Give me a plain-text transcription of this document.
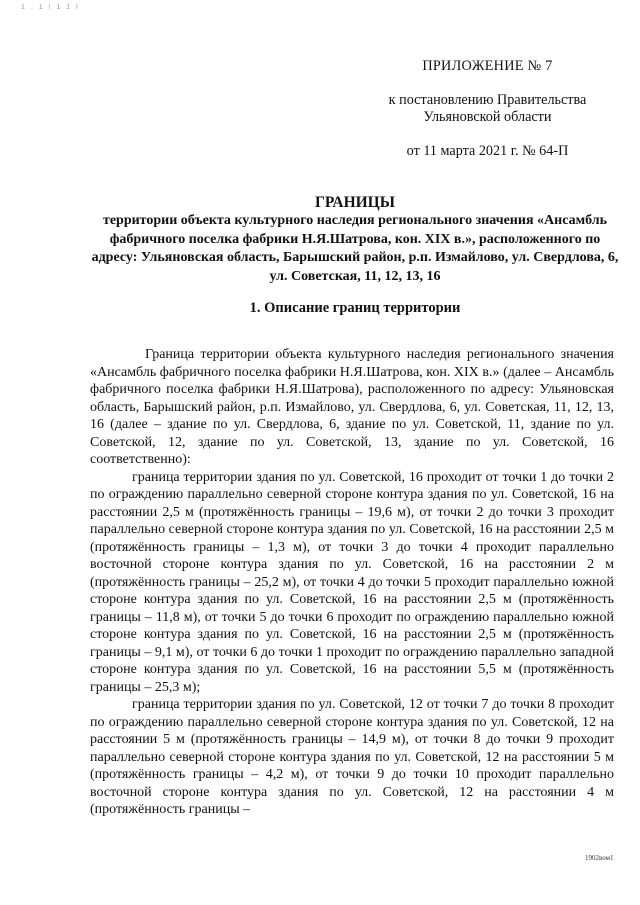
1 . 1 ! 1 1 l
ПРИЛОЖЕНИЕ № 7
к постановлению Правительства
Ульяновской области
от 11 марта 2021 г. № 64-П
ГРАНИЦЫ
территории объекта культурного наследия регионального значения «Ансамбль фабричного поселка фабрики Н.Я.Шатрова, кон. XIX в.», расположенного по адресу: Ульяновская область, Барышский район, р.п. Измайлово, ул. Свердлова, 6, ул. Советская, 11, 12, 13, 16
1. Описание границ территории

Граница территории объекта культурного наследия регионального значения «Ансамбль фабричного поселка фабрики Н.Я.Шатрова, кон. XIX в.» (далее – Ансамбль фабричного поселка фабрики Н.Я.Шатрова), расположенного по адресу: Ульяновская область, Барышский район, р.п. Измайлово, ул. Свердлова, 6, ул. Советская, 11, 12, 13, 16 (далее – здание по ул. Свердлова, 6, здание по ул. Советской, 11, здание по ул. Советской, 12, здание по ул. Советской, 13, здание по ул. Советской, 16 соответственно):

граница территории здания по ул. Советской, 16 проходит от точки 1 до точки 2 по ограждению параллельно северной стороне контура здания по ул. Советской, 16 на расстоянии 2,5 м (протяжённость границы – 19,6 м), от точки 2 до точки 3 проходит параллельно северной стороне контура здания по ул. Советской, 16 на расстоянии 2,5 м (протяжённость границы – 1,3 м), от точки 3 до точки 4 проходит параллельно восточной стороне контура здания по ул. Советской, 16 на расстоянии 2 м (протяжённость границы – 25,2 м), от точки 4 до точки 5 проходит параллельно южной стороне контура здания по ул. Советской, 16 на расстоянии 2,5 м (протяжённость границы – 11,8 м), от точки 5 до точки 6 проходит по ограждению параллельно южной стороне контура здания по ул. Советской, 16 на расстоянии 2,5 м (протяжённость границы – 9,1 м), от точки 6 до точки 1 проходит по ограждению параллельно западной стороне контура здания по ул. Советской, 16 на расстоянии 5,5 м (протяжённость границы – 25,3 м);

граница территории здания по ул. Советской, 12 от точки 7 до точки 8 проходит по ограждению параллельно северной стороне контура здания по ул. Советской, 12 на расстоянии 5 м (протяжённость границы – 14,9 м), от точки 8 до точки 9 проходит параллельно северной стороне контура здания по ул. Советской, 12 на расстоянии 5 м (протяжённость границы – 4,2 м), от точки 9 до точки 10 проходит параллельно восточной стороне контура здания по ул. Советской, 12 на расстоянии 4 м (протяжённость границы –

1902вом1
